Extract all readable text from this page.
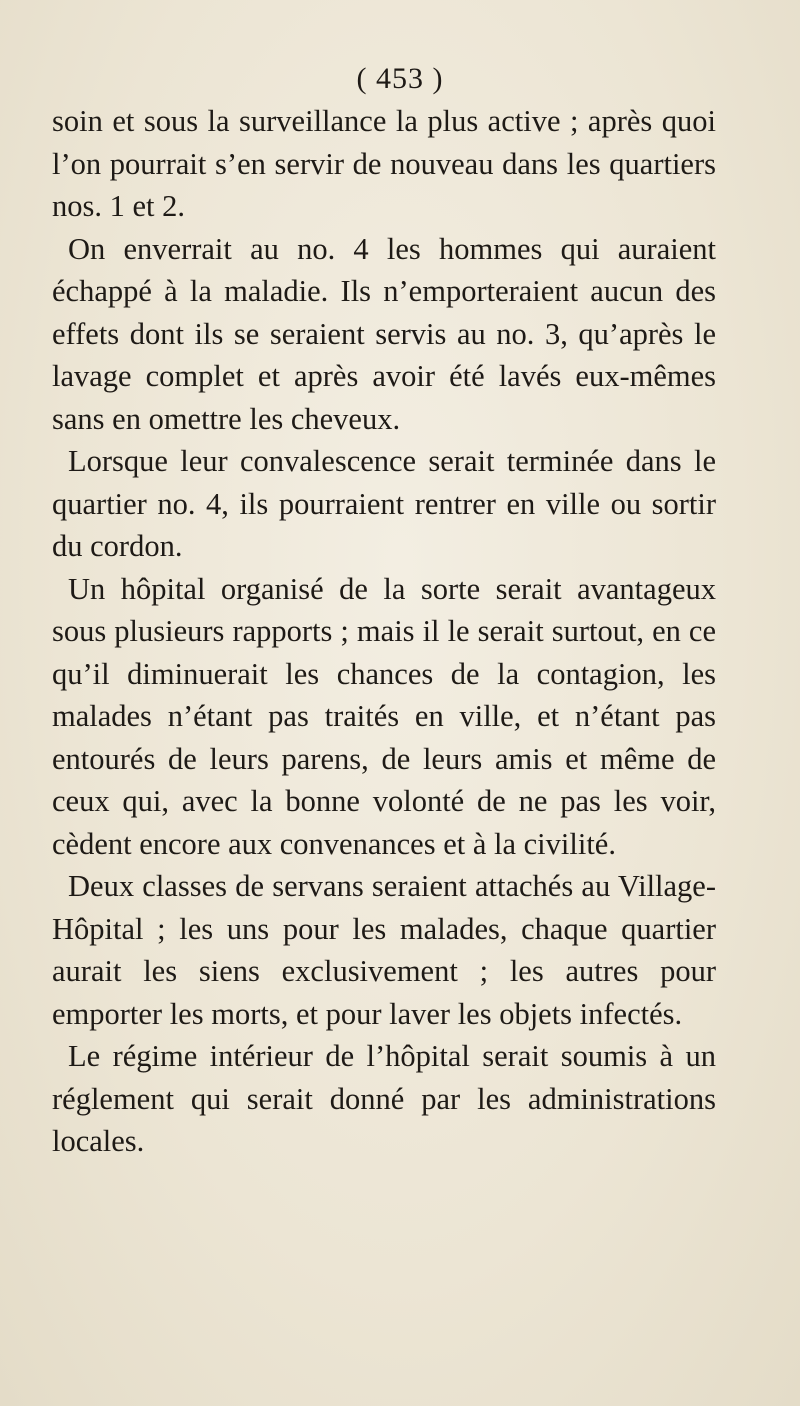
( 453 )

soin et sous la surveillance la plus active ; après quoi l’on pourrait s’en servir de nouveau dans les quartiers nos. 1 et 2.

On enverrait au no. 4 les hommes qui auraient échappé à la maladie. Ils n’emporteraient aucun des effets dont ils se seraient servis au no. 3, qu’après le lavage complet et après avoir été lavés eux-mêmes sans en omettre les cheveux.

Lorsque leur convalescence serait terminée dans le quartier no. 4, ils pourraient rentrer en ville ou sortir du cordon.

Un hôpital organisé de la sorte serait avantageux sous plusieurs rapports ; mais il le serait surtout, en ce qu’il diminuerait les chances de la contagion, les malades n’étant pas traités en ville, et n’étant pas entourés de leurs parens, de leurs amis et même de ceux qui, avec la bonne volonté de ne pas les voir, cèdent encore aux convenances et à la civilité.

Deux classes de servans seraient attachés au Village-Hôpital ; les uns pour les malades, chaque quartier aurait les siens exclusivement ; les autres pour emporter les morts, et pour laver les objets infectés.

Le régime intérieur de l’hôpital serait soumis à un réglement qui serait donné par les administrations locales.
